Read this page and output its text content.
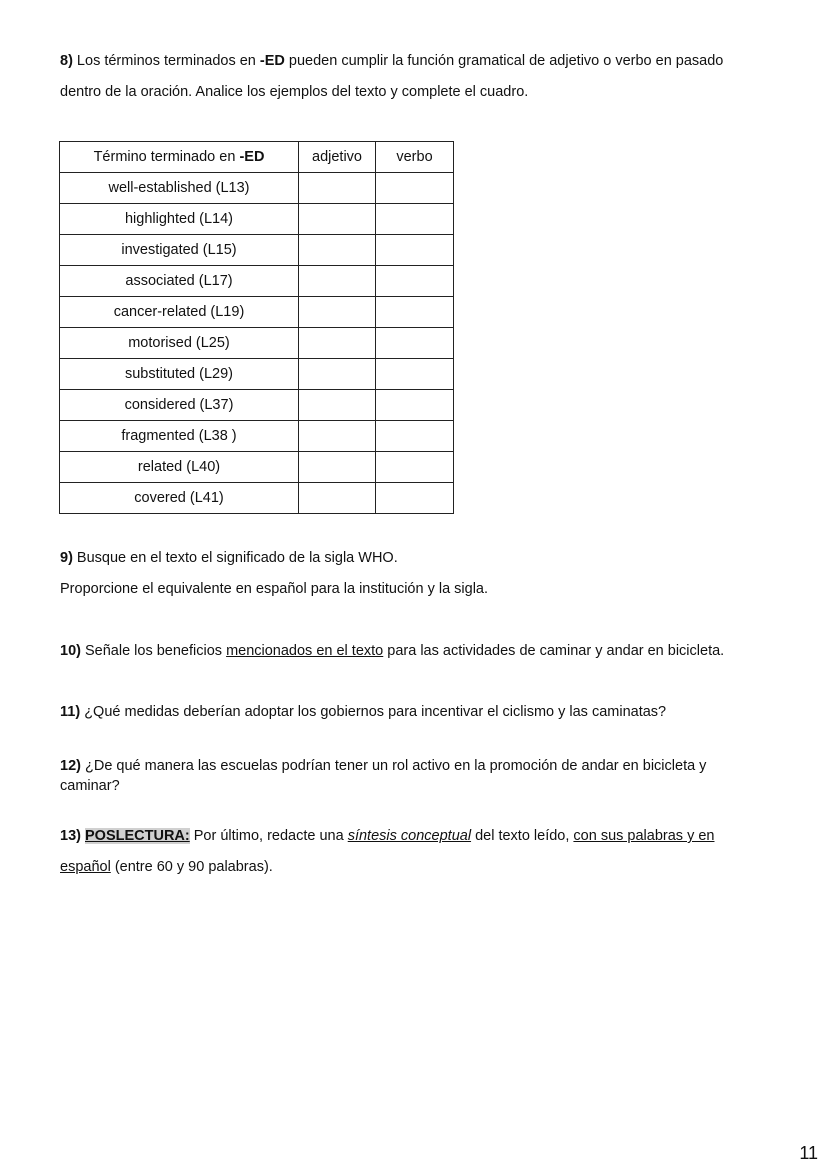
8) Los términos terminados en -ED pueden cumplir la función gramatical de adjetivo o verbo en pasado
dentro de la oración. Analice los ejemplos del texto y complete el cuadro.
Término terminado en -ED	adjetivo	verbo
well-established (L13)		
highlighted (L14)		
investigated (L15)		
associated (L17)		
cancer-related (L19)		
motorised (L25)		
substituted (L29)		
considered (L37)		
fragmented (L38 )		
related (L40)		
covered (L41)		
9) Busque en el texto el significado de la sigla WHO.
Proporcione el equivalente en español para la institución y la sigla.
10) Señale los beneficios mencionados en el texto para las actividades de caminar y andar en bicicleta.
11) ¿Qué medidas deberían adoptar los gobiernos para incentivar el ciclismo y las caminatas?
12) ¿De qué manera las escuelas podrían tener un rol activo en la promoción de andar en bicicleta y
caminar?
13) POSLECTURA: Por último, redacte una síntesis conceptual del texto leído, con sus palabras y en
español (entre 60 y 90 palabras).
11
